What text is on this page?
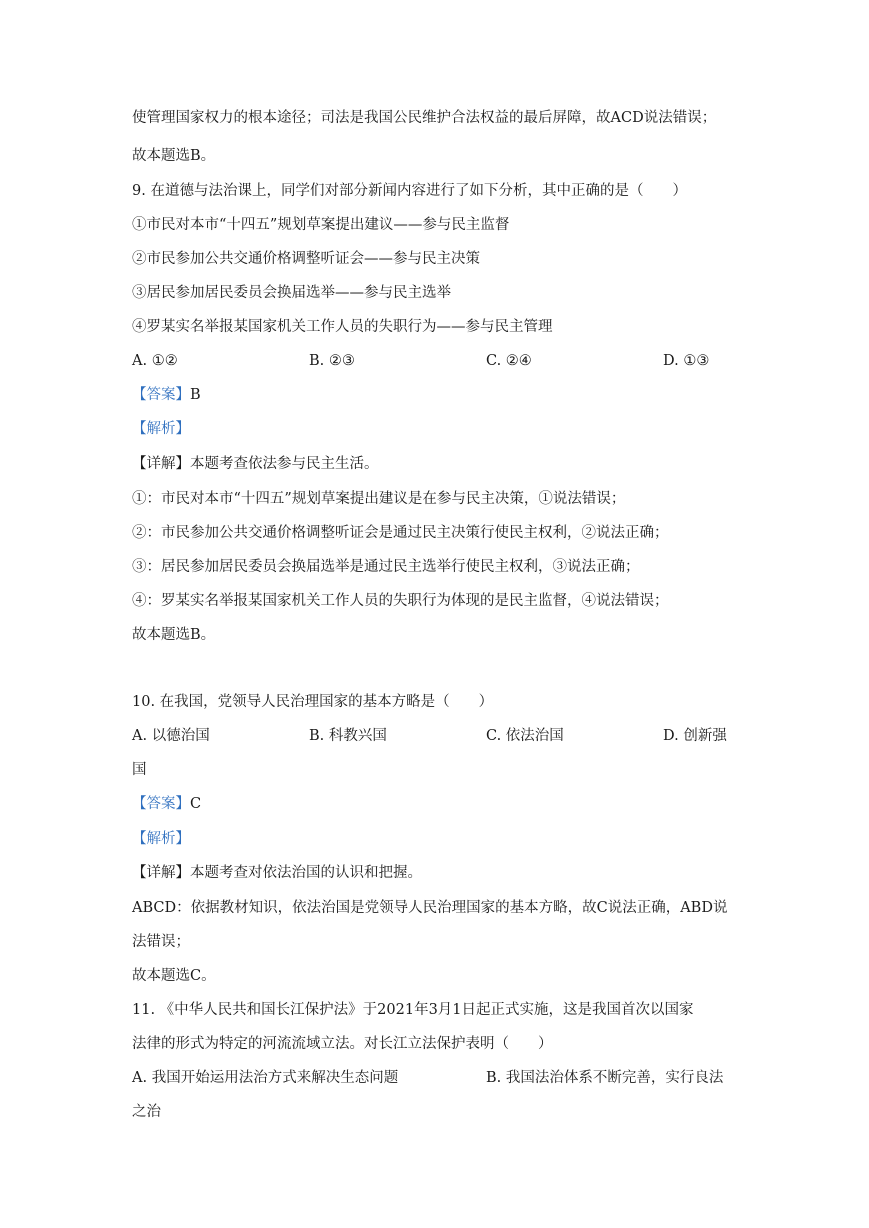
使管理国家权力的根本途径；司法是我国公民维护合法权益的最后屏障，故ACD说法错误；
故本题选B。
9. 在道德与法治课上，同学们对部分新闻内容进行了如下分析，其中正确的是（　　）
①市民对本市“十四五”规划草案提出建议——参与民主监督
②市民参加公共交通价格调整听证会——参与民主决策
③居民参加居民委员会换届选举——参与民主选举
④罗某实名举报某国家机关工作人员的失职行为——参与民主管理
A. ①②	B. ②③	C. ②④	D. ①③
【答案】B
【解析】
【详解】本题考查依法参与民主生活。
①：市民对本市“十四五”规划草案提出建议是在参与民主决策，①说法错误；
②：市民参加公共交通价格调整听证会是通过民主决策行使民主权利，②说法正确；
③：居民参加居民委员会换届选举是通过民主选举行使民主权利，③说法正确；
④：罗某实名举报某国家机关工作人员的失职行为体现的是民主监督，④说法错误；
故本题选B。
10. 在我国，党领导人民治理国家的基本方略是（　　）
A. 以德治国	B. 科教兴国	C. 依法治国	D. 创新强
国
【答案】C
【解析】
【详解】本题考查对依法治国的认识和把握。
ABCD：依据教材知识，依法治国是党领导人民治理国家的基本方略，故C说法正确，ABD说
法错误；
故本题选C。
11. 《中华人民共和国长江保护法》于2021年3月1日起正式实施，这是我国首次以国家
法律的形式为特定的河流流域立法。对长江立法保护表明（　　）
A. 我国开始运用法治方式来解决生态问题	B. 我国法治体系不断完善，实行良法
之治
